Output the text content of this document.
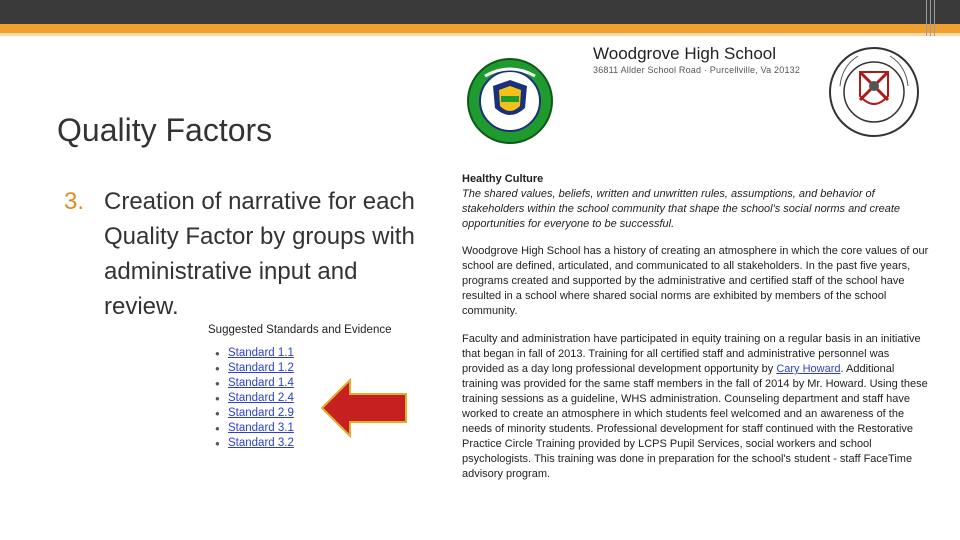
Quality Factors
3. Creation of narrative for each Quality Factor by groups with administrative input and review.
Suggested Standards and Evidence
● Standard 1.1
● Standard 1.2
● Standard 1.4
● Standard 2.4
● Standard 2.9
● Standard 3.1
● Standard 3.2
Woodgrove High School
36811 Allder School Road · Purcellville, Va 20132
Healthy Culture
The shared values, beliefs, written and unwritten rules, assumptions, and behavior of stakeholders within the school community that shape the school's social norms and create opportunities for everyone to be successful.

Woodgrove High School has a history of creating an atmosphere in which the core values of our school are defined, articulated, and communicated to all stakeholders. In the past five years, programs created and supported by the administrative and certified staff of the school have resulted in a school where shared social norms are exhibited by members of the school community.

Faculty and administration have participated in equity training on a regular basis in an initiative that began in fall of 2013. Training for all certified staff and administrative personnel was provided as a day long professional development opportunity by Cary Howard. Additional training was provided for the same staff members in the fall of 2014 by Mr. Howard. Using these training sessions as a guideline, WHS administration. Counseling department and staff have worked to create an atmosphere in which students feel welcomed and an awareness of the needs of minority students. Professional development for staff continued with the Restorative Practice Circle Training provided by LCPS Pupil Services, social workers and school psychologists. This training was done in preparation for the school's student - staff FaceTime advisory program.
